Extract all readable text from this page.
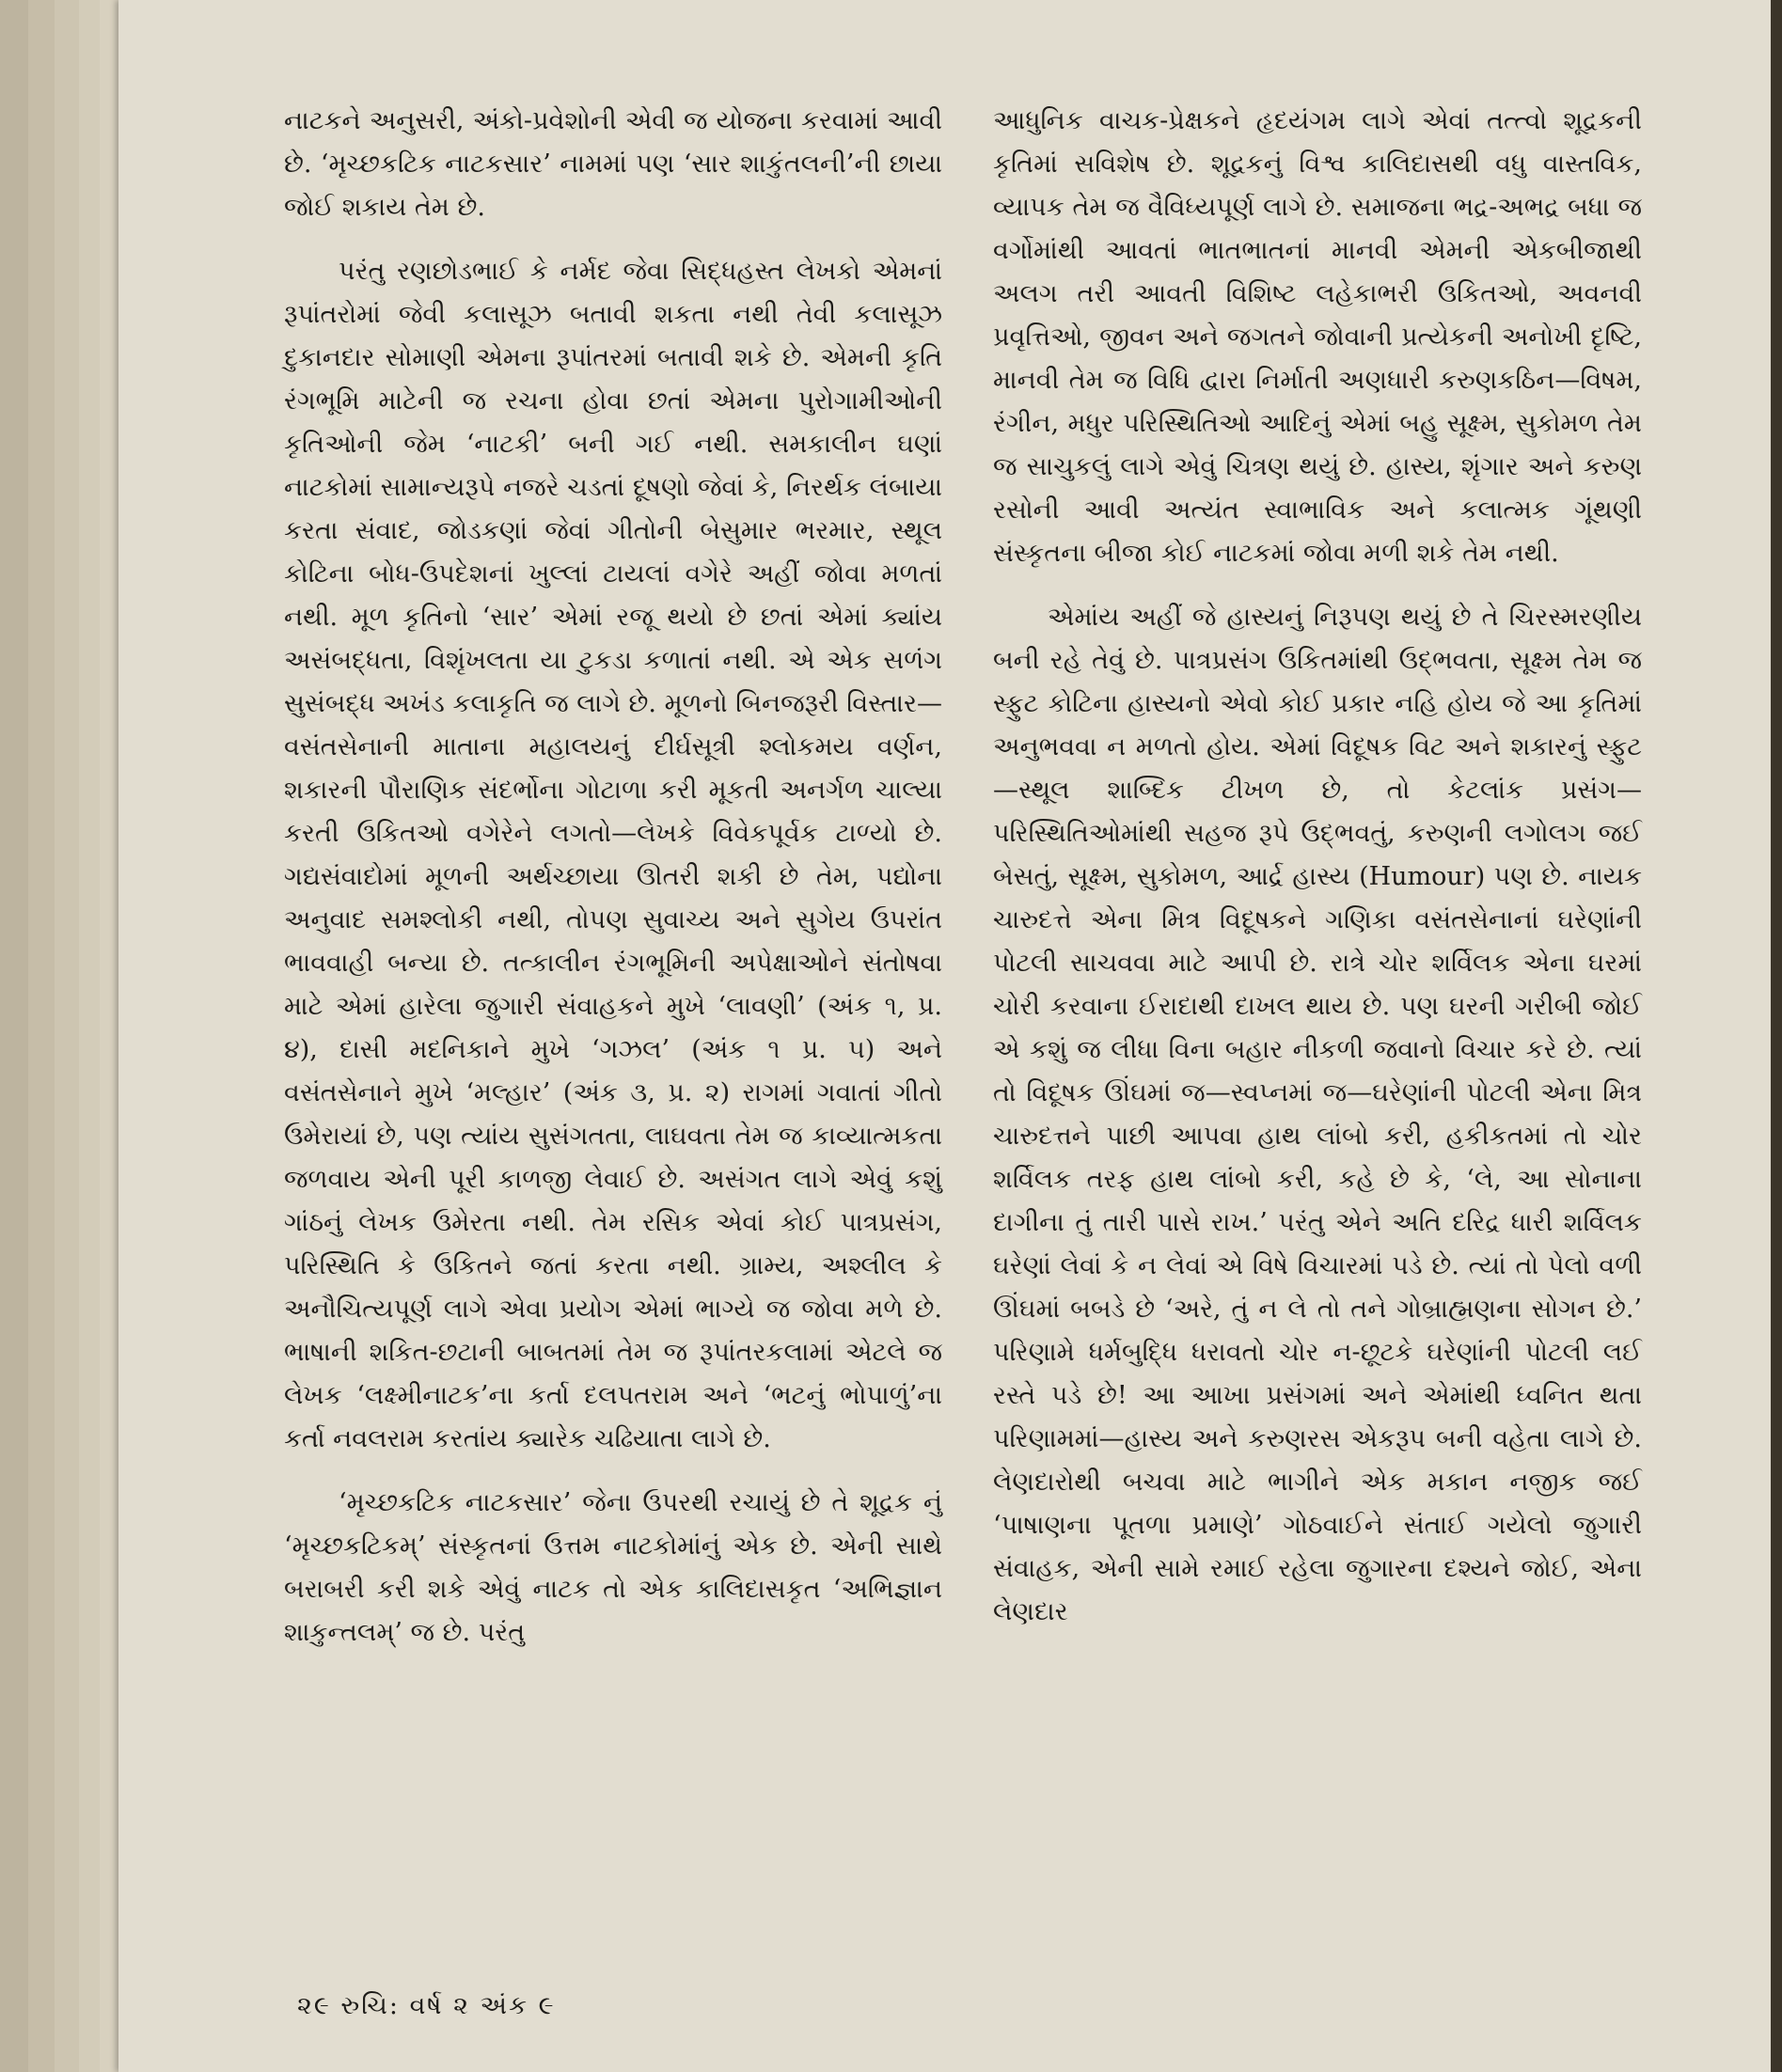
નાટકને અનુસરી, અંકો-પ્રવેશોની એવી જ યોજના કરવામાં આવી છે. ‘મૃચ્છકટિક નાટકસાર’ નામમાં પણ ‘સાર શાકુંતલની’ની છાયા જોઈ શકાય તેમ છે.

પરંતુ રણછોડભાઈ કે નર્મદ જેવા સિદ્ધહસ્ત લેખકો એમનાં રૂપાંતરોમાં જેવી કલાસૂઝ બતાવી શકતા નથી તેવી કલાસૂઝ દુકાનદાર સોમાણી એમના રૂપાંતરમાં બતાવી શકે છે. એમની કૃતિ રંગભૂમિ માટેની જ રચના હોવા છતાં એમના પુરોગામીઓની કૃતિઓની જેમ ‘નાટકી’ બની ગઈ નથી. સમકાલીન ઘણાં નાટકોમાં સામાન્યરૂપે નજરે ચડતાં દૂષણો જેવાં કે, નિરર્થક લંબાયા કરતા સંવાદ, જોડકણાં જેવાં ગીતોની બેસુમાર ભરમાર, સ્થૂલ કોટિના બોધ-ઉપદેશનાં ખુલ્લાં ટાયલાં વગેરે અહીં જોવા મળતાં નથી. મૂળ કૃતિનો ‘સાર’ એમાં રજૂ થયો છે છતાં એમાં ક્યાંય અસંબદ્ધતા, વિશૃંખલતા યા ટુકડા કળાતાં નથી. એ એક સળંગ સુસંબદ્ધ અખંડ કલાકૃતિ જ લાગે છે. મૂળનો બિનજરૂરી વિસ્તાર—વસંતસેનાની માતાના મહાલયનું દીર્ઘસૂત્રી શ્લોકમય વર્ણન, શકારની પૌરાણિક સંદર્ભોના ગોટાળા કરી મૂકતી અનર્ગળ ચાલ્યા કરતી ઉકિતઓ વગેરેને લગતો—લેખકે વિવેકપૂર્વક ટાળ્યો છે. ગદ્યસંવાદોમાં મૂળની અર્થચ્છાયા ઊતરી શકી છે તેમ, પદ્યોના અનુવાદ સમશ્લોકી નથી, તોપણ સુવાચ્ય અને સુગેય ઉપરાંત ભાવવાહી બન્યા છે. તત્કાલીન રંગભૂમિની અપેક્ષાઓને સંતોષવા માટે એમાં હારેલા જુગારી સંવાહકને મુખે ‘લાવણી’ (અંક ૧, પ્ર. ૪), દાસી મદનિકાને મુખે ‘ગઝલ’ (અંક ૧ પ્ર. ૫) અને વસંતસેનાને મુખે ‘મલ્હાર’ (અંક ૩, પ્ર. ૨) રાગમાં ગવાતાં ગીતો ઉમેરાયાં છે, પણ ત્યાંય સુસંગતતા, લાઘવતા તેમ જ કાવ્યાત્મકતા જળવાય એની પૂરી કાળજી લેવાઈ છે. અસંગત લાગે એવું કશું ગાંઠનું લેખક ઉમેરતા નથી. તેમ રસિક એવાં કોઈ પાત્રપ્રસંગ, પરિસ્થિતિ કે ઉકિતને જતાં કરતા નથી. ગ્રામ્ય, અશ્લીલ કે અનૌચિત્યપૂર્ણ લાગે એવા પ્રયોગ એમાં ભાગ્યે જ જોવા મળે છે. ભાષાની શકિત-છટાની બાબતમાં તેમ જ રૂપાંતરકલામાં એટલે જ લેખક ‘લક્ષ્મીનાટક’ના કર્તા દલપતરામ અને ‘ભટનું ભોપાળું’ના કર્તા નવલરામ કરતાંય ક્યારેક ચઢિયાતા લાગે છે.

‘મૃચ્છકટિક નાટકસાર’ જેના ઉપરથી રચાયું છે તે શૂદ્રક નું ‘મૃચ્છકટિકમ્’ સંસ્કૃતનાં ઉત્તમ નાટકોમાંનું એક છે. એની સાથે બરાબરી કરી શકે એવું નાટક તો એક કાલિદાસકૃત ‘અભિજ્ઞાન શાકુન્તલમ્’ જ છે. પરંતુ

આધુનિક વાચક-પ્રેક્ષકને હૃદયંગમ લાગે એવાં તત્ત્વો શૂદ્રકની કૃતિમાં સવિશેષ છે. શૂદ્રકનું વિશ્વ કાલિદાસથી વધુ વાસ્તવિક, વ્યાપક તેમ જ વૈવિધ્યપૂર્ણ લાગે છે. સમાજના ભદ્ર-અભદ્ર બધા જ વર્ગોમાંથી આવતાં ભાતભાતનાં માનવી એમની એકબીજાથી અલગ તરી આવતી વિશિષ્ટ લહેકાભરી ઉકિતઓ, અવનવી પ્રવૃત્તિઓ, જીવન અને જગતને જોવાની પ્રત્યેકની અનોખી દૃષ્ટિ, માનવી તેમ જ વિધિ દ્વારા નિર્માતી અણધારી કરુણકઠિન—વિષમ, રંગીન, મધુર પરિસ્થિતિઓ આદિનું એમાં બહુ સૂક્ષ્મ, સુકોમળ તેમ જ સાચુકલું લાગે એવું ચિત્રણ થયું છે. હાસ્ય, શૃંગાર અને કરુણ રસોની આવી અત્યંત સ્વાભાવિક અને કલાત્મક ગૂંથણી સંસ્કૃતના બીજા કોઈ નાટકમાં જોવા મળી શકે તેમ નથી.

એમાંય અહીં જે હાસ્યનું નિરૂપણ થયું છે તે ચિરસ્મરણીય બની રહે તેવું છે. પાત્રપ્રસંગ ઉકિતમાંથી ઉદ્ભવતા, સૂક્ષ્મ તેમ જ સ્ફુટ કોટિના હાસ્યનો એવો કોઈ પ્રકાર નહિ હોય જે આ કૃતિમાં અનુભવવા ન મળતો હોય. એમાં વિદૂષક વિટ અને શકારનું સ્ફુટ—સ્થૂલ શાબ્દિક ટીખળ છે, તો કેટલાંક પ્રસંગ—પરિસ્થિતિઓમાંથી સહજ રૂપે ઉદ્ભવતું, કરુણની લગોલગ જઈ બેસતું, સૂક્ષ્મ, સુકોમળ, આર્દ્ર હાસ્ય (Humour) પણ છે. નાયક ચારુદત્તે એના મિત્ર વિદૂષકને ગણિકા વસંતસેનાનાં ઘરેણાંની પોટલી સાચવવા માટે આપી છે. રાત્રે ચોર શર્વિલક એના ઘરમાં ચોરી કરવાના ઈરાદાથી દાખલ થાય છે. પણ ઘરની ગરીબી જોઈ એ કશું જ લીધા વિના બહાર નીકળી જવાનો વિચાર કરે છે. ત્યાં તો વિદૂષક ઊંઘમાં જ—સ્વપ્નમાં જ—ઘરેણાંની પોટલી એના મિત્ર ચારુદત્તને પાછી આપવા હાથ લાંબો કરી, હકીકતમાં તો ચોર શર્વિલક તરફ હાથ લાંબો કરી, કહે છે કે, ‘લે, આ સોનાના દાગીના તું તારી પાસે રાખ.’ પરંતુ એને અતિ દરિદ્ર ધારી શર્વિલક ઘરેણાં લેવાં કે ન લેવાં એ વિષે વિચારમાં પડે છે. ત્યાં તો પેલો વળી ઊંઘમાં બબડે છે ‘અરે, તું ન લે તો તને ગોબ્રાહ્મણના સોગન છે.’ પરિણામે ધર્મબુદ્ધિ ધરાવતો ચોર ન-છૂટકે ઘરેણાંની પોટલી લઈ રસ્તે પડે છે! આ આખા પ્રસંગમાં અને એમાંથી ધ્વનિત થતા પરિણામમાં—હાસ્ય અને કરુણરસ એકરૂપ બની વહેતા લાગે છે. લેણદારોથી બચવા માટે ભાગીને એક મકાન નજીક જઈ ‘પાષાણના પૂતળા પ્રમાણે’ ગોઠવાઈને સંતાઈ ગયેલો જુગારી સંવાહક, એની સામે રમાઈ રહેલા જુગારના દશ્યને જોઈ, એના લેણદાર

૨૯ રુચિ: વર્ષ ૨ અંક ૯
